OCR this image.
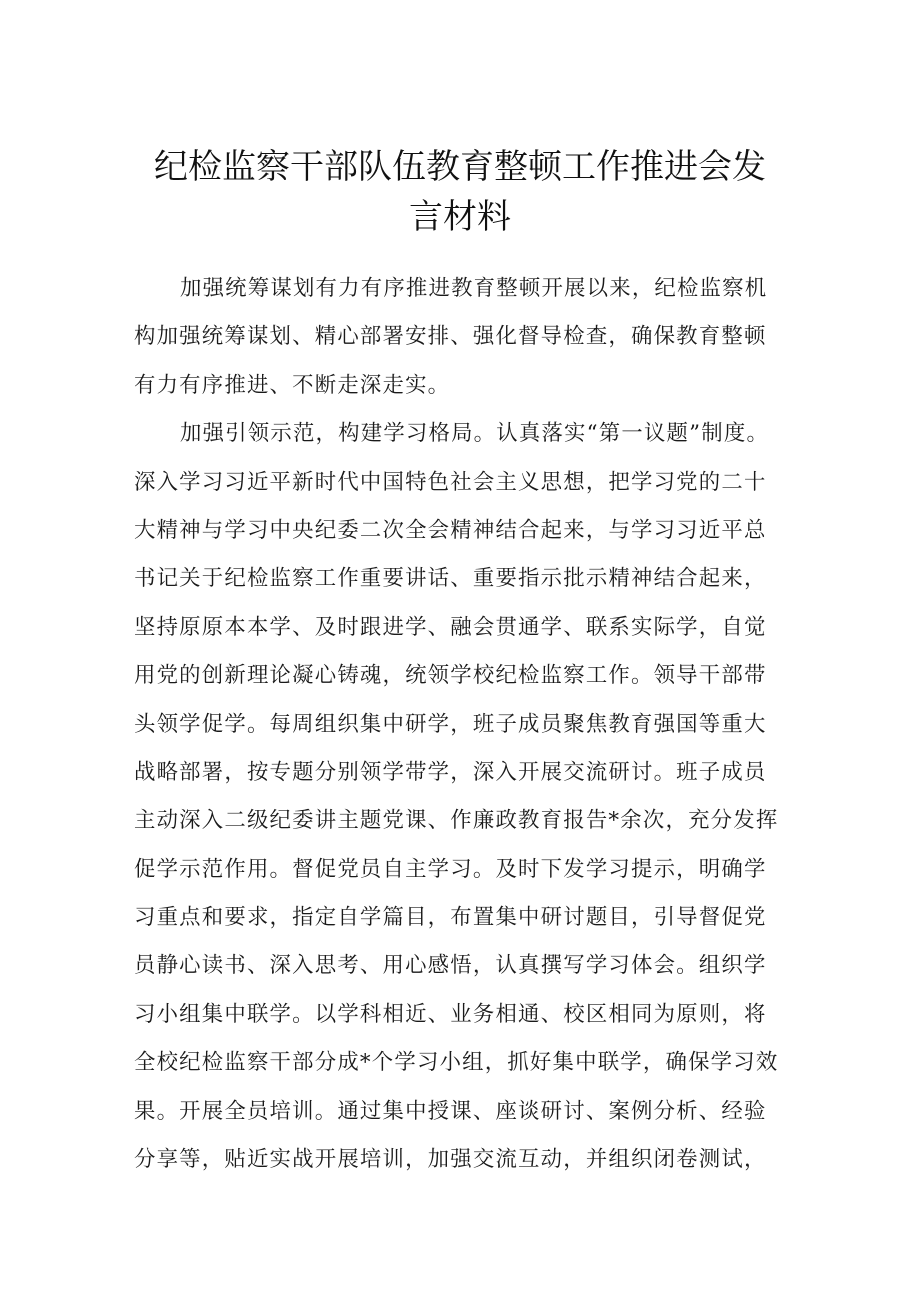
纪检监察干部队伍教育整顿工作推进会发
言材料

加强统筹谋划有力有序推进教育整顿开展以来，纪检监察机
构加强统筹谋划、精心部署安排、强化督导检查，确保教育整顿
有力有序推进、不断走深走实。

加强引领示范，构建学习格局。认真落实“第一议题”制度。
深入学习习近平新时代中国特色社会主义思想，把学习党的二十
大精神与学习中央纪委二次全会精神结合起来，与学习习近平总
书记关于纪检监察工作重要讲话、重要指示批示精神结合起来，
坚持原原本本学、及时跟进学、融会贯通学、联系实际学，自觉
用党的创新理论凝心铸魂，统领学校纪检监察工作。领导干部带
头领学促学。每周组织集中研学，班子成员聚焦教育强国等重大
战略部署，按专题分别领学带学，深入开展交流研讨。班子成员
主动深入二级纪委讲主题党课、作廉政教育报告*余次，充分发挥
促学示范作用。督促党员自主学习。及时下发学习提示，明确学
习重点和要求，指定自学篇目，布置集中研讨题目，引导督促党
员静心读书、深入思考、用心感悟，认真撰写学习体会。组织学
习小组集中联学。以学科相近、业务相通、校区相同为原则，将
全校纪检监察干部分成*个学习小组，抓好集中联学，确保学习效
果。开展全员培训。通过集中授课、座谈研讨、案例分析、经验
分享等，贴近实战开展培训，加强交流互动，并组织闭卷测试，
